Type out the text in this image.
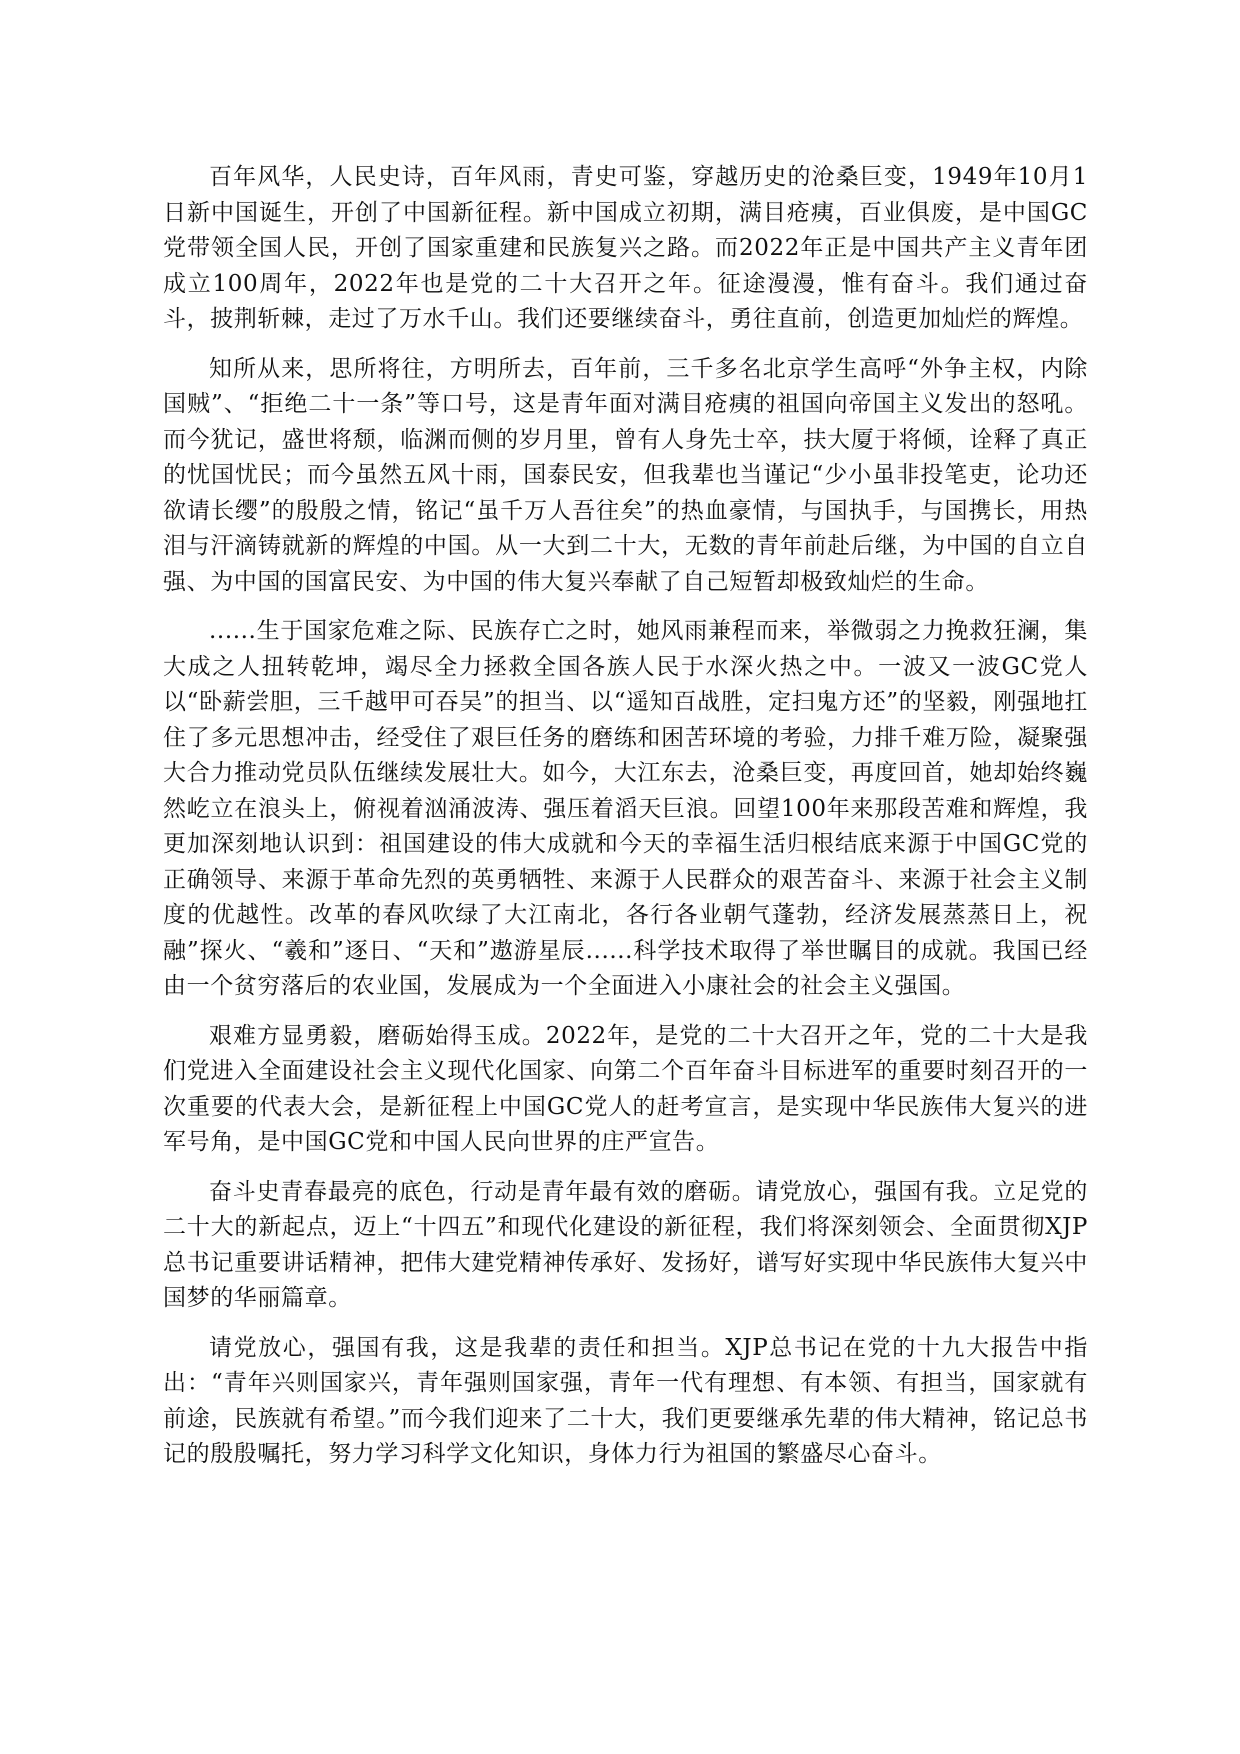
百年风华，人民史诗，百年风雨，青史可鉴，穿越历史的沧桑巨变，1949年10月1日新中国诞生，开创了中国新征程。新中国成立初期，满目疮痍，百业俱废，是中国GC党带领全国人民，开创了国家重建和民族复兴之路。而2022年正是中国共产主义青年团成立100周年，2022年也是党的二十大召开之年。征途漫漫，惟有奋斗。我们通过奋斗，披荆斩棘，走过了万水千山。我们还要继续奋斗，勇往直前，创造更加灿烂的辉煌。

知所从来，思所将往，方明所去，百年前，三千多名北京学生高呼“外争主权，内除国贼”、“拒绝二十一条”等口号，这是青年面对满目疮痍的祖国向帝国主义发出的怒吼。而今犹记，盛世将颓，临渊而侧的岁月里，曾有人身先士卒，扶大厦于将倾，诠释了真正的忧国忧民；而今虽然五风十雨，国泰民安，但我辈也当谨记“少小虽非投笔吏，论功还欲请长缨”的殷殷之情，铭记“虽千万人吾往矣”的热血豪情，与国执手，与国携长，用热泪与汗滴铸就新的辉煌的中国。从一大到二十大，无数的青年前赴后继，为中国的自立自强、为中国的国富民安、为中国的伟大复兴奉献了自己短暂却极致灿烂的生命。

......生于国家危难之际、民族存亡之时，她风雨兼程而来，举微弱之力挽救狂澜，集大成之人扭转乾坤，竭尽全力拯救全国各族人民于水深火热之中。一波又一波GC党人以“卧薪尝胆，三千越甲可吞吴”的担当、以“遥知百战胜，定扫鬼方还”的坚毅，刚强地扛住了多元思想冲击，经受住了艰巨任务的磨练和困苦环境的考验，力排千难万险，凝聚强大合力推动党员队伍继续发展壮大。如今，大江东去，沧桑巨变，再度回首，她却始终巍然屹立在浪头上，俯视着汹涌波涛、强压着滔天巨浪。回望100年来那段苦难和辉煌，我更加深刻地认识到：祖国建设的伟大成就和今天的幸福生活归根结底来源于中国GC党的正确领导、来源于革命先烈的英勇牺牲、来源于人民群众的艰苦奋斗、来源于社会主义制度的优越性。改革的春风吹绿了大江南北，各行各业朝气蓬勃，经济发展蒸蒸日上，祝融”探火、“羲和”逐日、“天和”遨游星辰......科学技术取得了举世瞩目的成就。我国已经由一个贫穷落后的农业国，发展成为一个全面进入小康社会的社会主义强国。

艰难方显勇毅，磨砺始得玉成。2022年，是党的二十大召开之年，党的二十大是我们党进入全面建设社会主义现代化国家、向第二个百年奋斗目标进军的重要时刻召开的一次重要的代表大会，是新征程上中国GC党人的赶考宣言，是实现中华民族伟大复兴的进军号角，是中国GC党和中国人民向世界的庄严宣告。

奋斗史青春最亮的底色，行动是青年最有效的磨砺。请党放心，强国有我。立足党的二十大的新起点，迈上“十四五”和现代化建设的新征程，我们将深刻领会、全面贯彻XJP总书记重要讲话精神，把伟大建党精神传承好、发扬好，谱写好实现中华民族伟大复兴中国梦的华丽篇章。

请党放心，强国有我，这是我辈的责任和担当。XJP总书记在党的十九大报告中指出：“青年兴则国家兴，青年强则国家强，青年一代有理想、有本领、有担当，国家就有前途，民族就有希望。”而今我们迎来了二十大，我们更要继承先辈的伟大精神，铭记总书记的殷殷嘱托，努力学习科学文化知识，身体力行为祖国的繁盛尽心奋斗。
